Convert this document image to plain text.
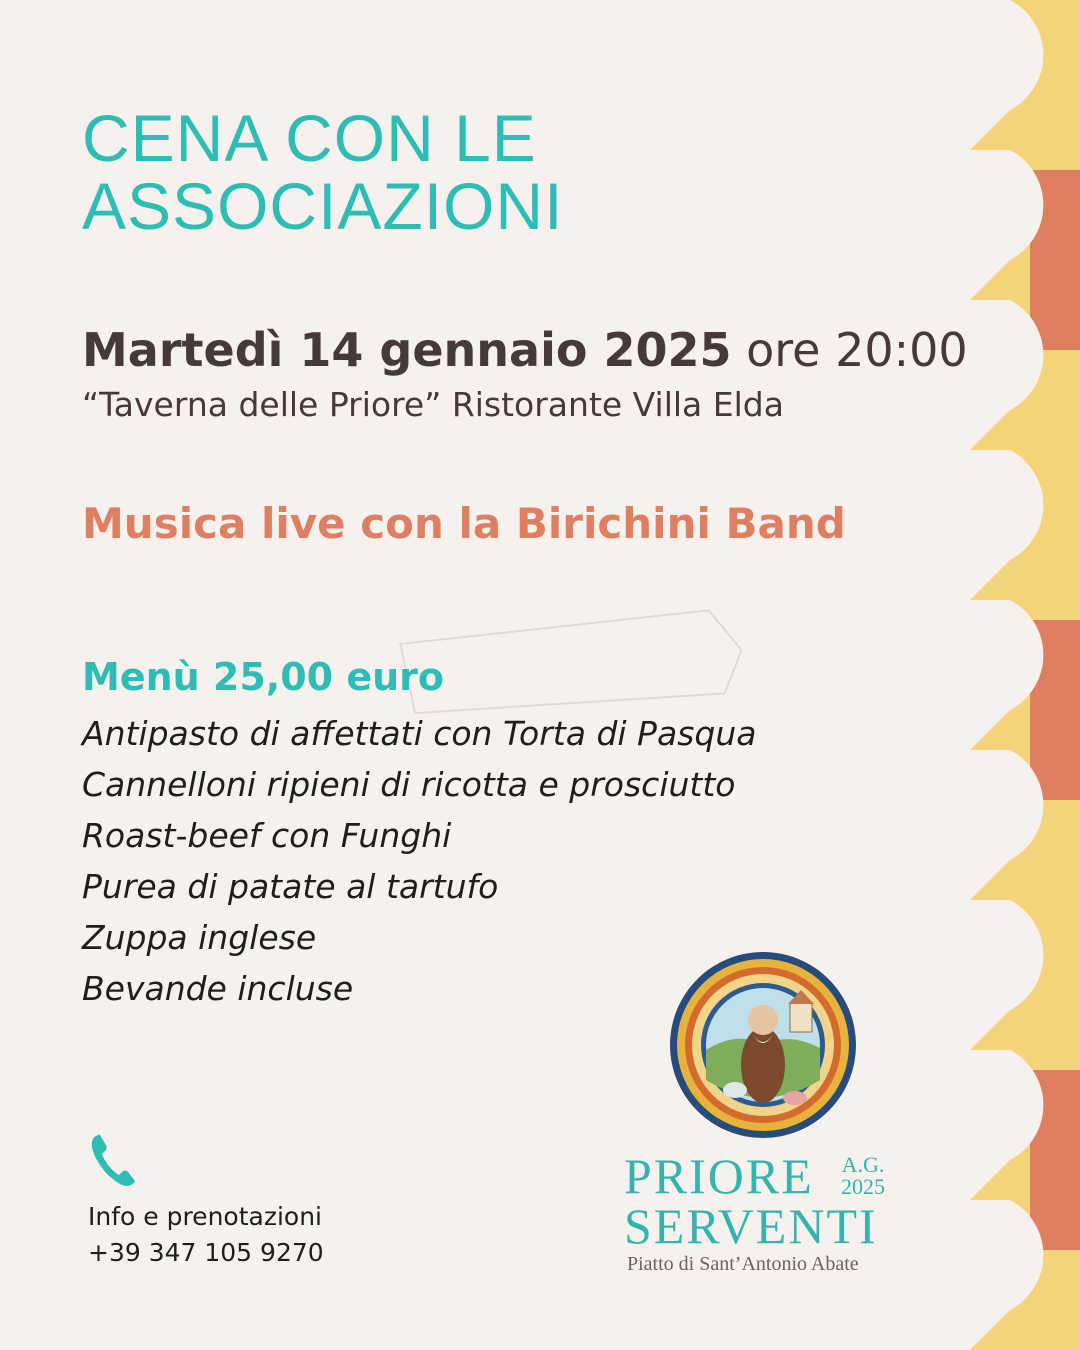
CENA CON LE
ASSOCIAZIONI

Martedì 14 gennaio 2025 ore 20:00

“Taverna delle Priore” Ristorante Villa Elda

Musica live con la Birichini Band

Menù 25,00 euro

Antipasto di affettati con Torta di Pasqua
Cannelloni ripieni di ricotta e prosciutto
Roast-beef con Funghi
Purea di patate al tartufo
Zuppa inglese
Bevande incluse
Info e prenotazioni
+39 347 105 9270
PRIORE	A.G.
2025
SERVENTI
Piatto di Sant’Antonio Abate
